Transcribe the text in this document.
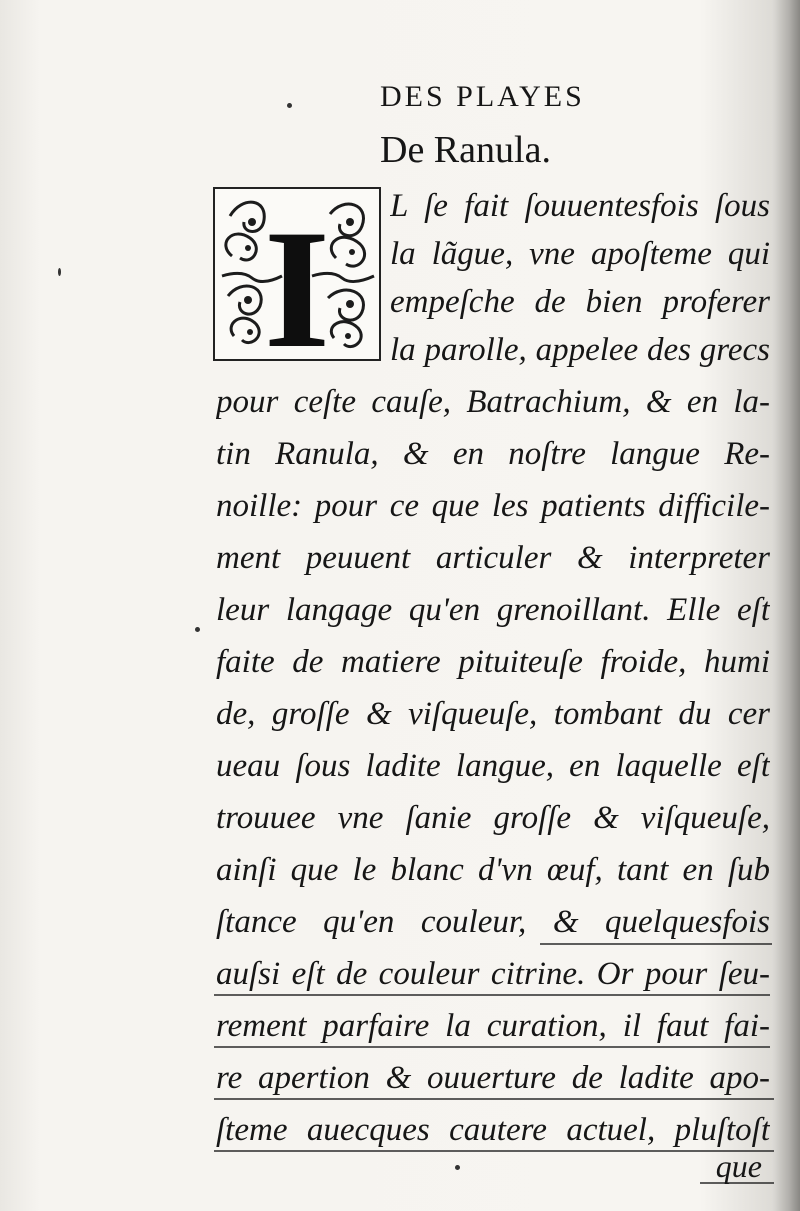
DES PLAYES
De Ranula.
I L ſe fait ſouuentesfois ſous
la lãgue, vne apoſteme qui
empeſche de bien proferer
la parolle, appelee des grecs
pour ceſte cauſe, Batrachium, & en la-
tin Ranula, & en noſtre langue Re-
noille: pour ce que les patients difficile-
ment peuuent articuler & interpreter
leur langage qu'en grenoillant. Elle eſt
faite de matiere pituiteuſe froide, humi
de, groſſe & viſqueuſe, tombant du cer
ueau ſous ladite langue, en laquelle eſt
trouuee vne ſanie groſſe & viſqueuſe,
ainſi que le blanc d'vn œuf, tant en ſub
ſtance qu'en couleur, & quelquesfois
auſsi eſt de couleur citrine. Or pour ſeu-
rement parfaire la curation, il faut fai-
re apertion & ouuerture de ladite apo-
ſteme auecques cautere actuel, pluſtoſt
que
